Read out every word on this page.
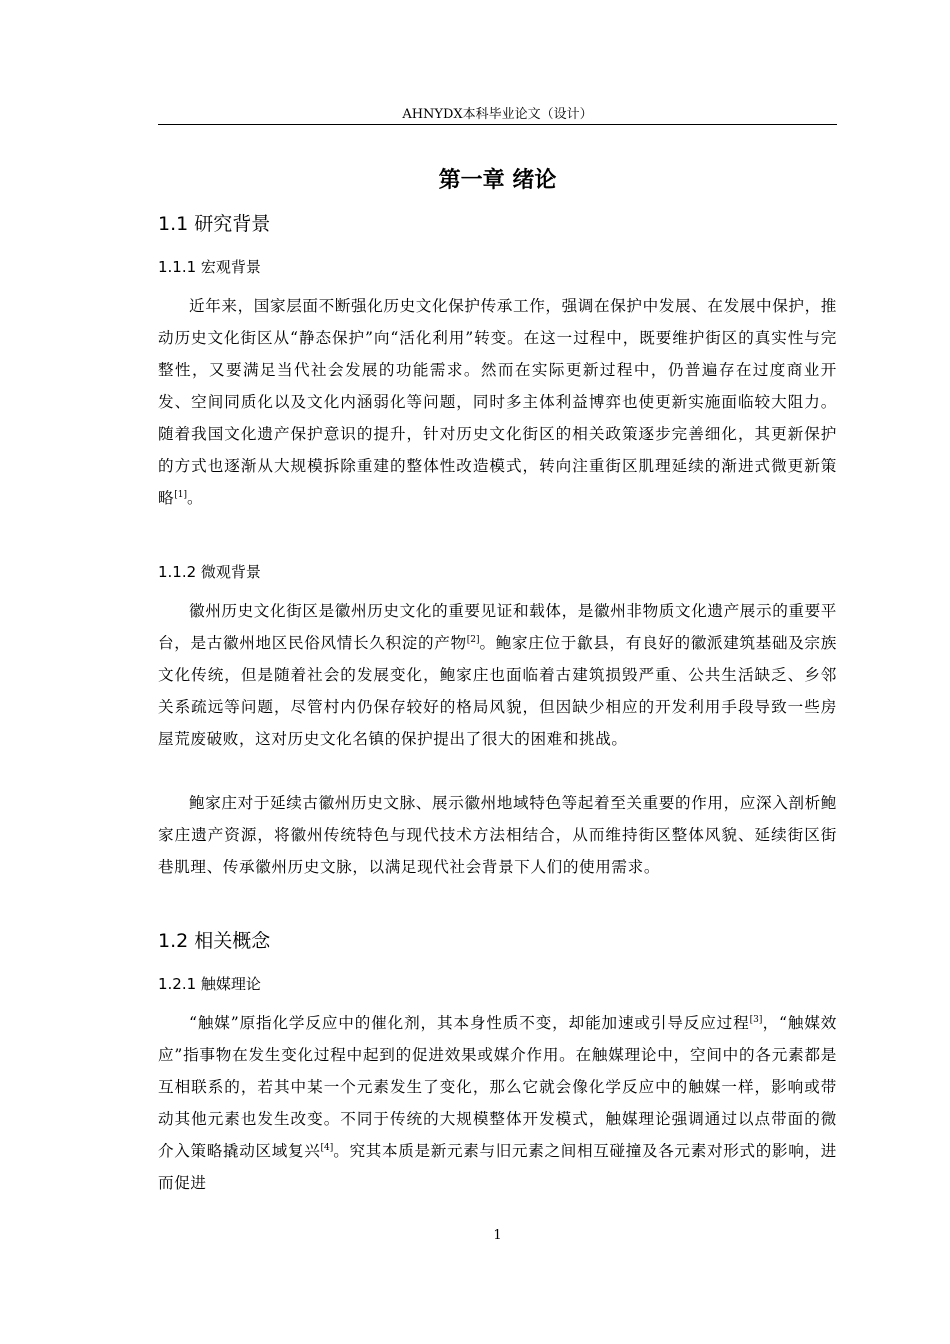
AHNYDX本科毕业论文（设计）
第一章 绪论
1.1 研究背景
1.1.1 宏观背景

近年来，国家层面不断强化历史文化保护传承工作，强调在保护中发展、在发展中保护，推动历史文化街区从“静态保护”向“活化利用”转变。在这一过程中，既要维护街区的真实性与完整性，又要满足当代社会发展的功能需求。然而在实际更新过程中，仍普遍存在过度商业开发、空间同质化以及文化内涵弱化等问题，同时多主体利益博弈也使更新实施面临较大阻力。随着我国文化遗产保护意识的提升，针对历史文化街区的相关政策逐步完善细化，其更新保护的方式也逐渐从大规模拆除重建的整体性改造模式，转向注重街区肌理延续的渐进式微更新策略[1]。

1.1.2 微观背景

徽州历史文化街区是徽州历史文化的重要见证和载体，是徽州非物质文化遗产展示的重要平台，是古徽州地区民俗风情长久积淀的产物[2]。鲍家庄位于歙县，有良好的徽派建筑基础及宗族文化传统，但是随着社会的发展变化，鲍家庄也面临着古建筑损毁严重、公共生活缺乏、乡邻关系疏远等问题，尽管村内仍保存较好的格局风貌，但因缺少相应的开发利用手段导致一些房屋荒废破败，这对历史文化名镇的保护提出了很大的困难和挑战。

鲍家庄对于延续古徽州历史文脉、展示徽州地域特色等起着至关重要的作用，应深入剖析鲍家庄遗产资源，将徽州传统特色与现代技术方法相结合，从而维持街区整体风貌、延续街区街巷肌理、传承徽州历史文脉，以满足现代社会背景下人们的使用需求。

1.2 相关概念
1.2.1 触媒理论

“触媒”原指化学反应中的催化剂，其本身性质不变，却能加速或引导反应过程[3]，“触媒效应”指事物在发生变化过程中起到的促进效果或媒介作用。在触媒理论中，空间中的各元素都是互相联系的，若其中某一个元素发生了变化，那么它就会像化学反应中的触媒一样，影响或带动其他元素也发生改变。不同于传统的大规模整体开发模式，触媒理论强调通过以点带面的微介入策略撬动区域复兴[4]。究其本质是新元素与旧元素之间相互碰撞及各元素对形式的影响，进而促进

1
